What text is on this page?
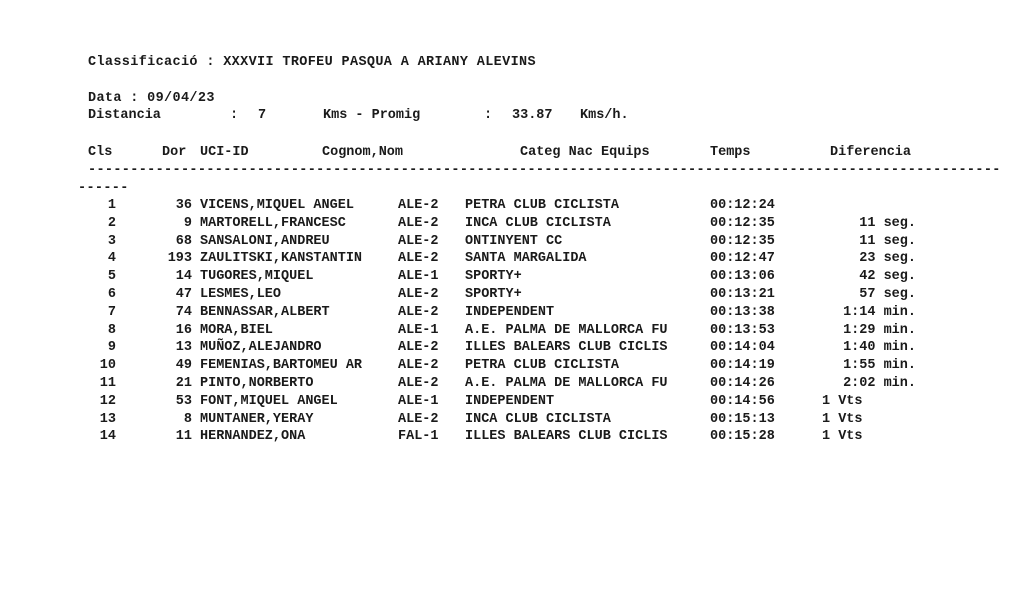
Classificació : XXXVII TROFEU PASQUA A ARIANY ALEVINS
Data : 09/04/23
Distancia	: 7	Kms - Promig	: 33.87 Kms/h.
Cls	Dor UCI-ID	Cognom,Nom	Categ Nac Equips	Temps	Diferencia
------------------------------------------------------------------------------------------------------------
------
1	36 VICENS,MIQUEL ANGEL	ALE-2 PETRA CLUB CICLISTA	00:12:24
2	9 MARTORELL,FRANCESC	ALE-2 INCA CLUB CICLISTA	00:12:35	11 seg.
3	68 SANSALONI,ANDREU	ALE-2 ONTINYENT CC	00:12:35	11 seg.
4	193 ZAULITSKI,KANSTANTIN	ALE-2 SANTA MARGALIDA	00:12:47	23 seg.
5	14 TUGORES,MIQUEL	ALE-1 SPORTY+	00:13:06	42 seg.
6	47 LESMES,LEO	ALE-2 SPORTY+	00:13:21	57 seg.
7	74 BENNASSAR,ALBERT	ALE-2 INDEPENDENT	00:13:38	1:14 min.
8	16 MORA,BIEL	ALE-1 A.E. PALMA DE MALLORCA FU	00:13:53	1:29 min.
9	13 MUÑOZ,ALEJANDRO	ALE-2 ILLES BALEARS CLUB CICLIS	00:14:04	1:40 min.
10	49 FEMENIAS,BARTOMEU AR	ALE-2 PETRA CLUB CICLISTA	00:14:19	1:55 min.
11	21 PINTO,NORBERTO	ALE-2 A.E. PALMA DE MALLORCA FU	00:14:26	2:02 min.
12	53 FONT,MIQUEL ANGEL	ALE-1 INDEPENDENT	00:14:56	1 Vts
13	8 MUNTANER,YERAY	ALE-2 INCA CLUB CICLISTA	00:15:13	1 Vts
14	11 HERNANDEZ,ONA	FAL-1 ILLES BALEARS CLUB CICLIS	00:15:28	1 Vts
